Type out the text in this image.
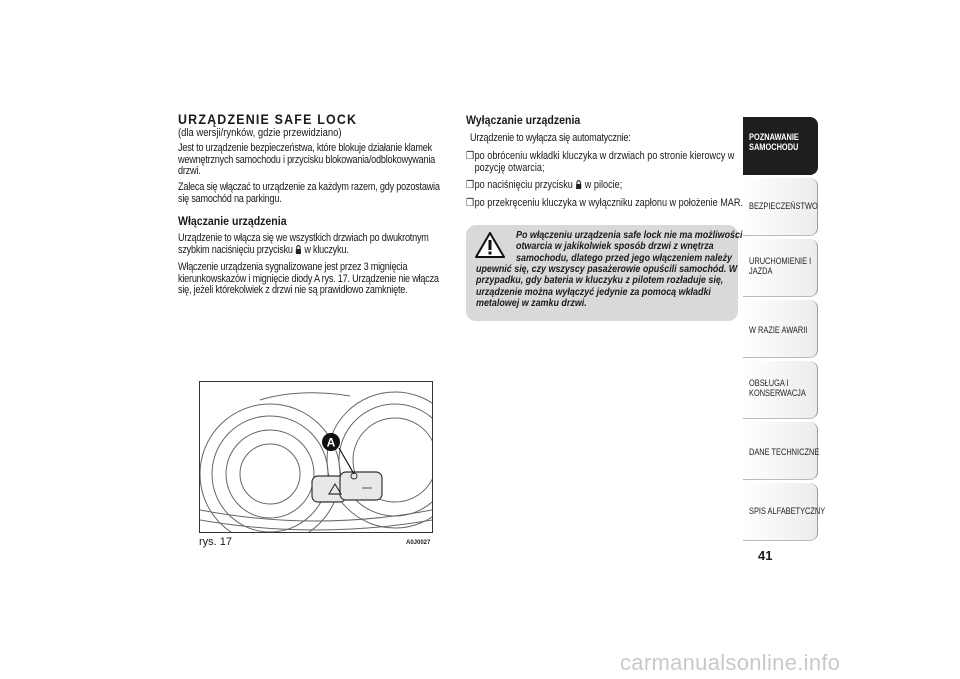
URZĄDZENIE SAFE LOCK
(dla wersji/rynków, gdzie przewidziano)
Jest to urządzenie bezpieczeństwa, które blokuje działanie klamek
wewnętrznych samochodu i przycisku blokowania/odblokowywania
drzwi.
Zaleca się włączać to urządzenie za każdym razem, gdy pozostawia
się samochód na parkingu.
Włączanie urządzenia
Urządzenie to włącza się we wszystkich drzwiach po dwukrotnym
szybkim naciśnięciu przycisku w kluczyku.
Włączenie urządzenia sygnalizowane jest przez 3 mignięcia
kierunkowskazów i mignięcie diody A rys. 17. Urządzenie nie włącza
się, jeżeli którekolwiek z drzwi nie są prawidłowo zamknięte.
Wyłączanie urządzenia
Urządzenie to wyłącza się automatycznie:
❒po obróceniu wkładki kluczyka w drzwiach po stronie kierowcy w
pozycję otwarcia;
❒po naciśnięciu przycisku w pilocie;
❒po przekręceniu kluczyka w wyłączniku zapłonu w położenie MAR.
Po włączeniu urządzenia safe lock nie ma możliwości
otwarcia w jakikolwiek sposób drzwi z wnętrza
samochodu, dlatego przed jego włączeniem należy
upewnić się, czy wszyscy pasażerowie opuścili samochód. W
przypadku, gdy bateria w kluczyku z pilotem rozładuje się,
urządzenie można wyłączyć jedynie za pomocą wkładki
metalowej w zamku drzwi.
A
rys. 17	A0J0027
POZNAWANIE
SAMOCHODU
BEZPIECZEŃSTWO
URUCHOMIENIE I
JAZDA
W RAZIE AWARII
OBSŁUGA I
KONSERWACJA
DANE TECHNICZNE
SPIS ALFABETYCZNY
41
carmanualsonline.info
